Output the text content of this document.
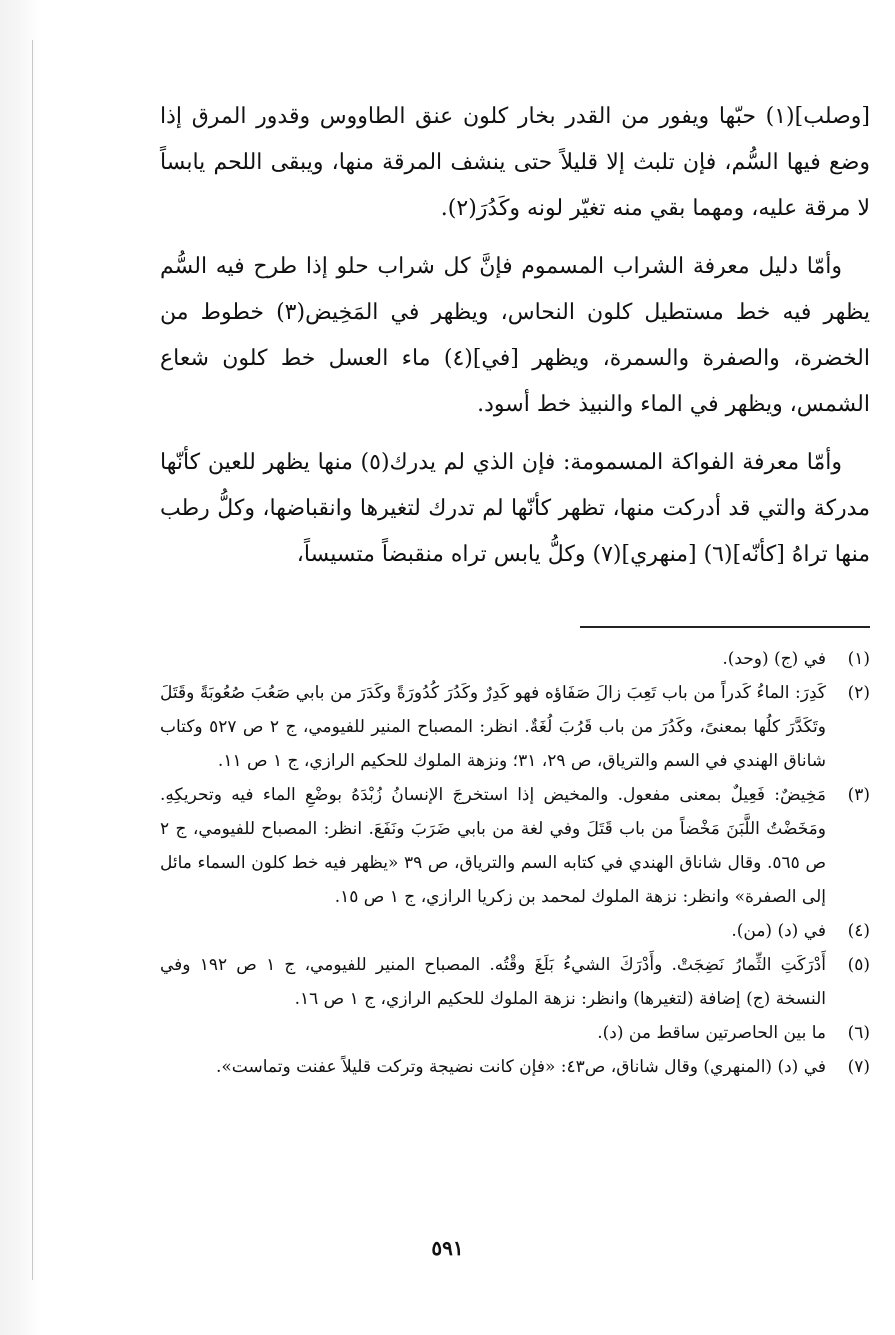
[وصلب](١) حبّها ويفور من القدر بخار كلون عنق الطاووس وقدور المرق إذا وضع فيها السُّم، فإن تلبث إلا قليلاً حتى ينشف المرقة منها، ويبقى اللحم يابساً لا مرقة عليه، ومهما بقي منه تغيّر لونه وكَدُرَ(٢).

وأمّا دليل معرفة الشراب المسموم فإنَّ كل شراب حلو إذا طرح فيه السُّم يظهر فيه خط مستطيل كلون النحاس، ويظهر في المَخِيض(٣) خطوط من الخضرة، والصفرة والسمرة، ويظهر [في](٤) ماء العسل خط كلون شعاع الشمس، ويظهر في الماء والنبيذ خط أسود.

وأمّا معرفة الفواكة المسمومة: فإن الذي لم يدرك(٥) منها يظهر للعين كأنّها مدركة والتي قد أدركت منها، تظهر كأنّها لم تدرك لتغيرها وانقباضها، وكلُّ رطب منها تراهُ [كأنّه](٦) [منهري](٧) وكلُّ يابس تراه منقبضاً متسيساً،

(١)
في (ج) (وحد).
(٢)
كَدِرَ: الماءُ كَدراً من باب تَعِبَ زالَ صَفَاؤه فهو كَدِرٌ وكَدُرَ كُدُورَةً وكَدَرَ من بابي صَعُبَ صُعُوبَةً وقَتَلَ وتَكَدَّرَ كلُها بمعنىً، وكَدُرَ من باب قَرُبَ لُغَةٌ. انظر: المصباح المنير للفيومي، ج ٢ ص ٥٢٧ وكتاب شاناق الهندي في السم والترياق، ص ٢٩، ٣١؛ ونزهة الملوك للحكيم الرازي، ج ١ ص ١١.
(٣)
مَخِيضٌ: فَعِيلٌ بمعنى مفعول. والمخيض إذا استخرجَ الإنسانُ زُبْدَهُ بوضْعِ الماء فيه وتحريكِهِ. ومَخَضْتُ اللَّبَنَ مَخْضاً من باب قَتَلَ وفي لغة من بابي ضَرَبَ ونَفَعَ. انظر: المصباح للفيومي، ج ٢ ص ٥٦٥. وقال شاناق الهندي في كتابه السم والترياق، ص ٣٩ «يظهر فيه خط كلون السماء مائل إلى الصفرة» وانظر: نزهة الملوك لمحمد بن زكريا الرازي، ج ١ ص ١٥.
(٤)
في (د) (من).
(٥)
أَدْرَكَتِ الثِّمارُ نَضِجَتْ. وأَدْرَكَ الشيءُ بَلَغَ وقْتُه. المصباح المنير للفيومي، ج ١ ص ١٩٢ وفي النسخة (ج) إضافة (لتغيرها) وانظر: نزهة الملوك للحكيم الرازي، ج ١ ص ١٦.
(٦)
ما بين الحاصرتين ساقط من (د).
(٧)
في (د) (المنهري) وقال شاناق، ص٤٣: «فإن كانت نضيجة وتركت قليلاً عفنت وتماست».
٥٩١
